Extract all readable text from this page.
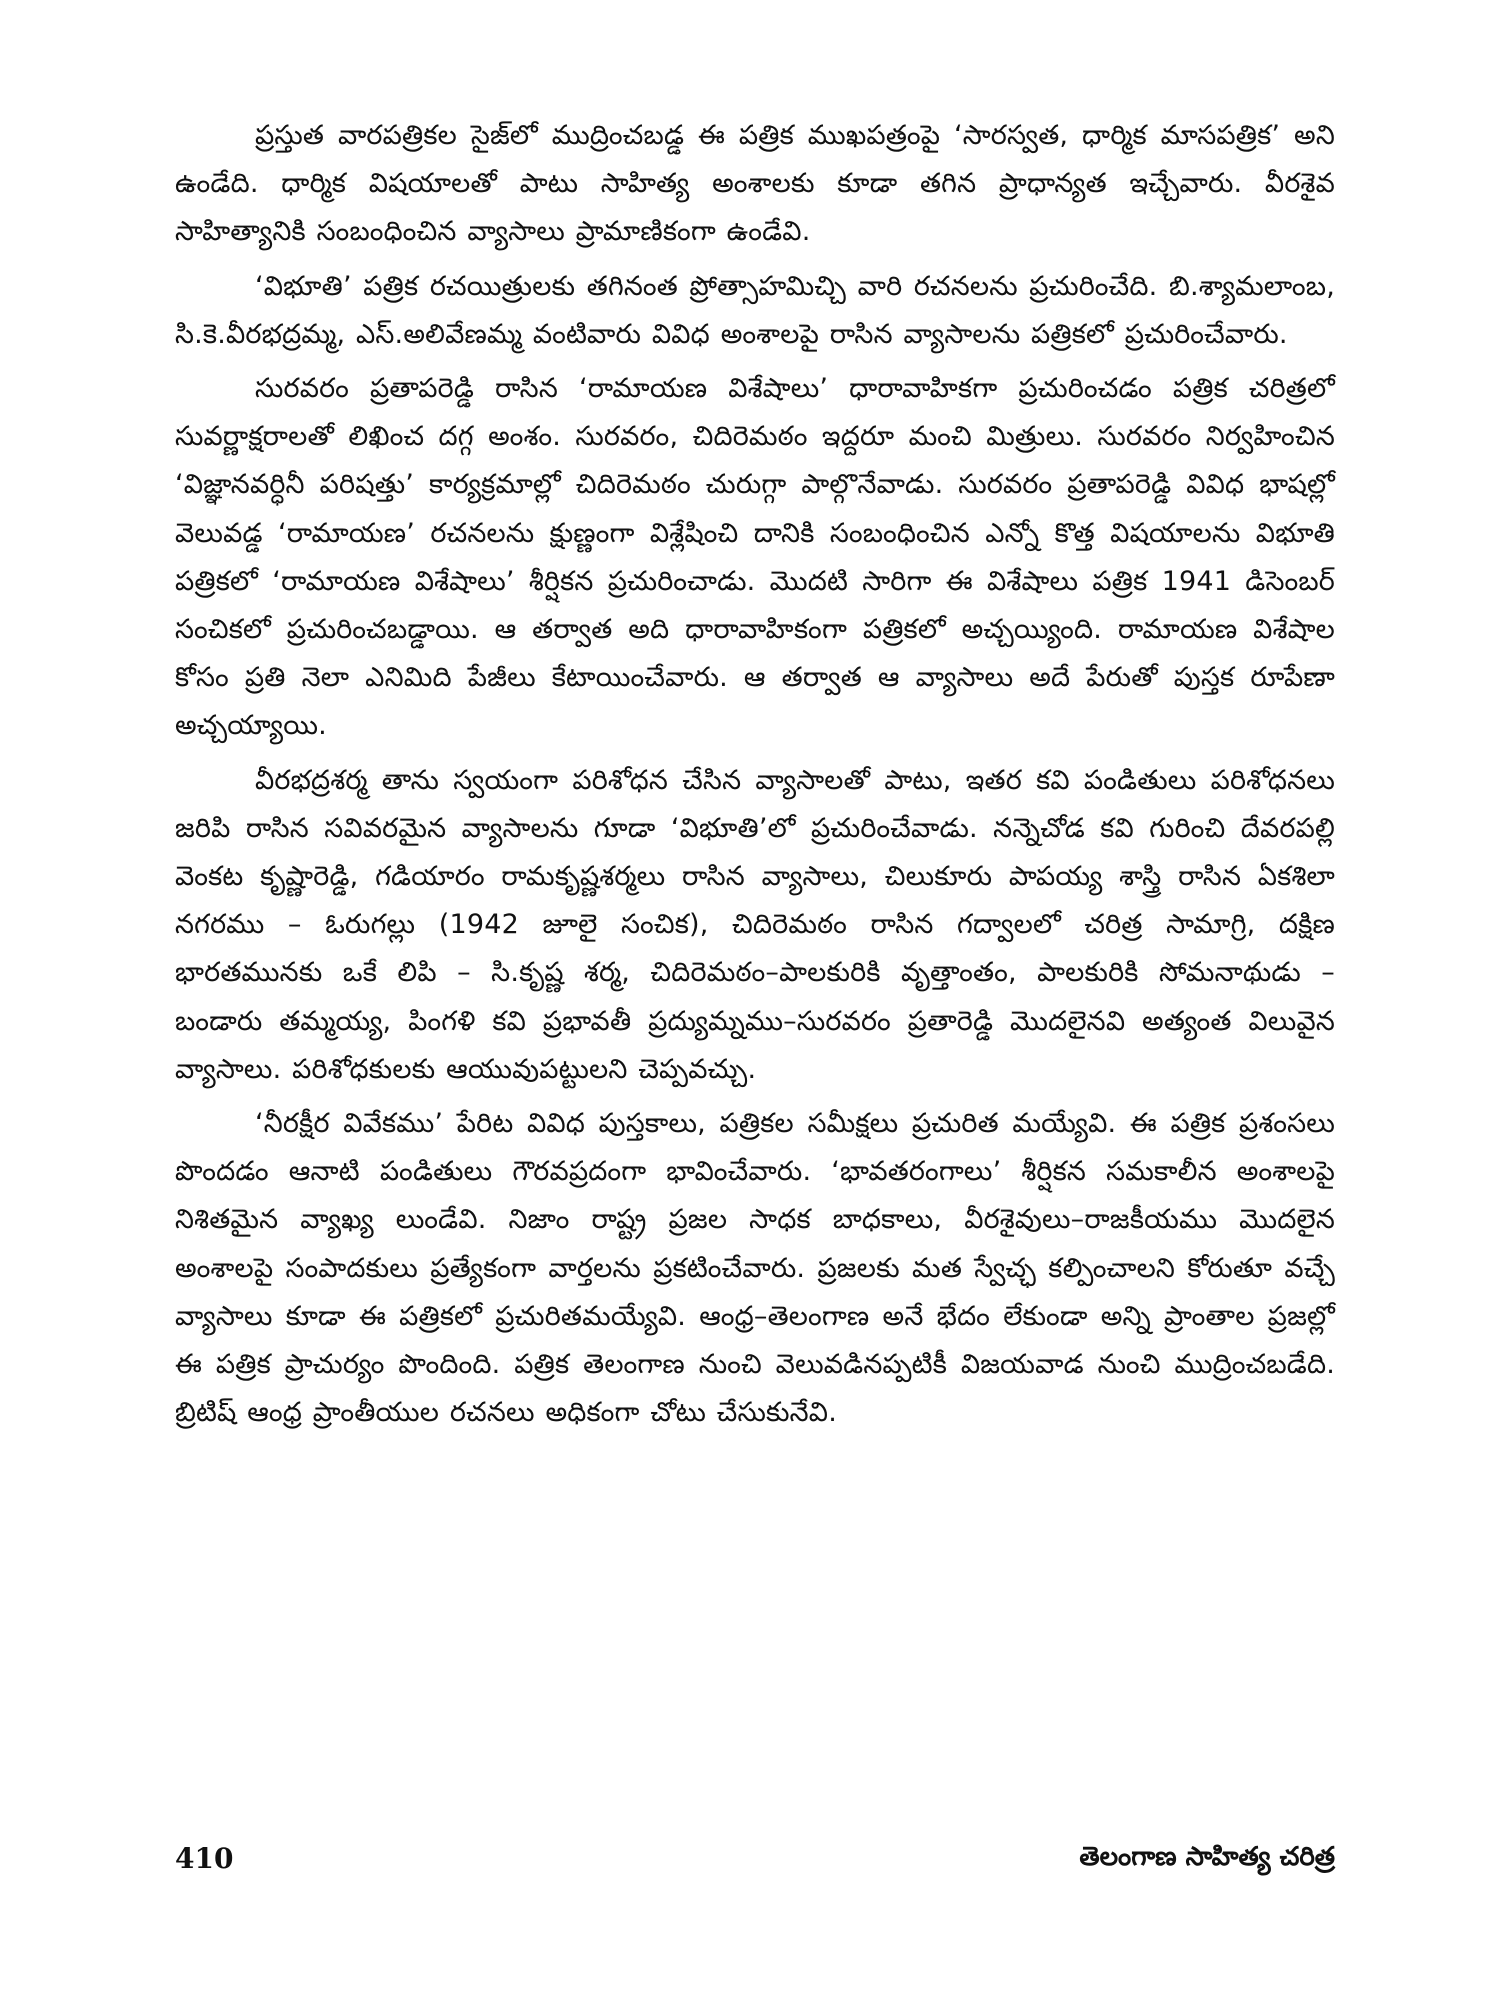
ప్రస్తుత వారపత్రికల సైజ్‌లో ముద్రించబడ్డ ఈ పత్రిక ముఖపత్రంపై ‘సారస్వత, ధార్మిక మాసపత్రిక’ అని ఉండేది. ధార్మిక విషయాలతో పాటు సాహిత్య అంశాలకు కూడా తగిన ప్రాధాన్యత ఇచ్చేవారు. వీరశైవ సాహిత్యానికి సంబంధించిన వ్యాసాలు ప్రామాణికంగా ఉండేవి.

‘విభూతి’ పత్రిక రచయిత్రులకు తగినంత ప్రోత్సాహమిచ్చి వారి రచనలను ప్రచురించేది. బి.శ్యామలాంబ, సి.కె.వీరభద్రమ్మ, ఎస్.అలివేణమ్మ వంటివారు వివిధ అంశాలపై రాసిన వ్యాసాలను పత్రికలో ప్రచురించేవారు.

సురవరం ప్రతాపరెడ్డి రాసిన ‘రామాయణ విశేషాలు’ ధారావాహికగా ప్రచురించడం పత్రిక చరిత్రలో సువర్ణాక్షరాలతో లిఖించ దగ్గ అంశం. సురవరం, చిదిరెమఠం ఇద్దరూ మంచి మిత్రులు. సురవరం నిర్వహించిన ‘విజ్ఞానవర్ధినీ పరిషత్తు’ కార్యక్రమాల్లో చిదిరెమఠం చురుగ్గా పాల్గొనేవాడు. సురవరం ప్రతాపరెడ్డి వివిధ భాషల్లో వెలువడ్డ ‘రామాయణ’ రచనలను క్షుణ్ణంగా విశ్లేషించి దానికి సంబంధించిన ఎన్నో కొత్త విషయాలను విభూతి పత్రికలో ‘రామాయణ విశేషాలు’ శీర్షికన ప్రచురించాడు. మొదటి సారిగా ఈ విశేషాలు పత్రిక 1941 డిసెంబర్ సంచికలో ప్రచురించబడ్డాయి. ఆ తర్వాత అది ధారావాహికంగా పత్రికలో అచ్చయ్యింది. రామాయణ విశేషాల కోసం ప్రతి నెలా ఎనిమిది పేజీలు కేటాయించేవారు. ఆ తర్వాత ఆ వ్యాసాలు అదే పేరుతో పుస్తక రూపేణా అచ్చయ్యాయి.

వీరభద్రశర్మ తాను స్వయంగా పరిశోధన చేసిన వ్యాసాలతో పాటు, ఇతర కవి పండితులు పరిశోధనలు జరిపి రాసిన సవివరమైన వ్యాసాలను గూడా ‘విభూతి’లో ప్రచురించేవాడు. నన్నెచోడ కవి గురించి దేవరపల్లి వెంకట కృష్ణారెడ్డి, గడియారం రామకృష్ణశర్మలు రాసిన వ్యాసాలు, చిలుకూరు పాపయ్య శాస్త్రి రాసిన ఏకశిలా నగరము – ఓరుగల్లు (1942 జూలై సంచిక), చిదిరెమఠం రాసిన గద్వాలలో చరిత్ర సామాగ్రి, దక్షిణ భారతమునకు ఒకే లిపి – సి.కృష్ణ శర్మ, చిదిరెమఠం–పాలకురికి వృత్తాంతం, పాలకురికి సోమనాథుడు – బండారు తమ్మయ్య, పింగళి కవి ప్రభావతీ ప్రద్యుమ్నము–సురవరం ప్రతారెడ్డి మొదలైనవి అత్యంత విలువైన వ్యాసాలు. పరిశోధకులకు ఆయువుపట్టులని చెప్పవచ్చు.

‘నీరక్షీర వివేకము’ పేరిట వివిధ పుస్తకాలు, పత్రికల సమీక్షలు ప్రచురిత మయ్యేవి. ఈ పత్రిక ప్రశంసలు పొందడం ఆనాటి పండితులు గౌరవప్రదంగా భావించేవారు. ‘భావతరంగాలు’ శీర్షికన సమకాలీన అంశాలపై నిశితమైన వ్యాఖ్య లుండేవి. నిజాం రాష్ట్ర ప్రజల సాధక బాధకాలు, వీరశైవులు–రాజకీయము మొదలైన అంశాలపై సంపాదకులు ప్రత్యేకంగా వార్తలను ప్రకటించేవారు. ప్రజలకు మత స్వేచ్ఛ కల్పించాలని కోరుతూ వచ్చే వ్యాసాలు కూడా ఈ పత్రికలో ప్రచురితమయ్యేవి. ఆంధ్ర–తెలంగాణ అనే భేదం లేకుండా అన్ని ప్రాంతాల ప్రజల్లో ఈ పత్రిక ప్రాచుర్యం పొందింది. పత్రిక తెలంగాణ నుంచి వెలువడినప్పటికీ విజయవాడ నుంచి ముద్రించబడేది. బ్రిటిష్ ఆంధ్ర ప్రాంతీయుల రచనలు అధికంగా చోటు చేసుకునేవి.

410	తెలంగాణ సాహిత్య చరిత్ర
